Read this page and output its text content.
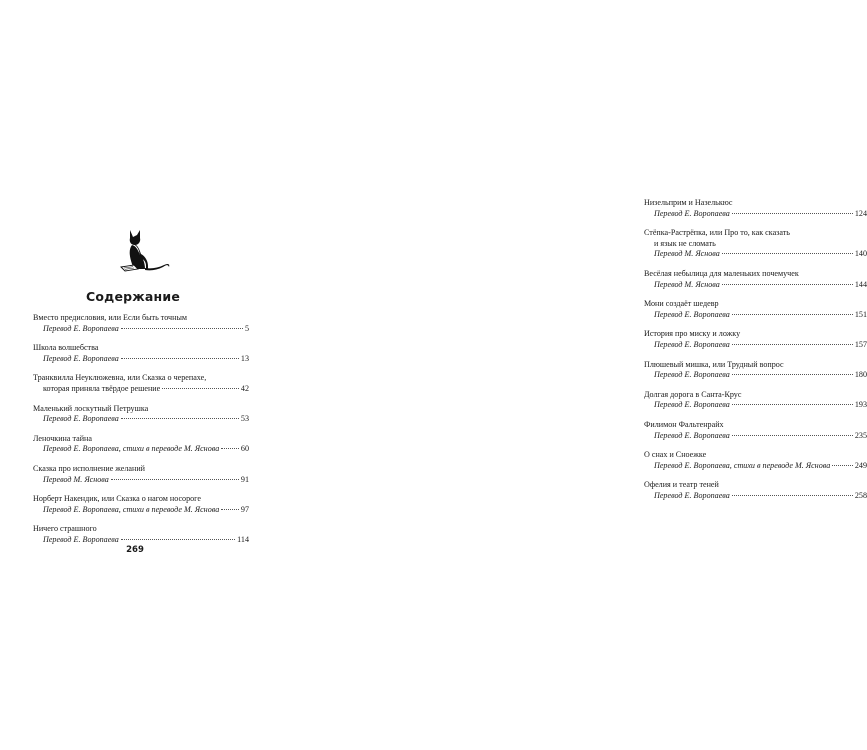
Содержание
Вместо предисловия, или Если быть точным
Перевод Е. Воропаева	5
Школа волшебства
Перевод Е. Воропаева	13
Транквилла Неуклюжевна, или Сказка о черепахе,
которая приняла твёрдое решение	42
Маленький лоскутный Петрушка
Перевод Е. Воропаева	53
Леночкина тайна
Перевод Е. Воропаева, стихи в переводе М. Яснова	60
Сказка про исполнение желаний
Перевод М. Яснова	91
Норберт Накендик, или Сказка о нагом носороге
Перевод Е. Воропаева, стихи в переводе М. Яснова	97
Ничего страшного
Перевод Е. Воропаева	114
269
Низельприм и Назелькюс
Перевод Е. Воропаева	124
Стёпка-Растрёпка, или Про то, как сказать
и язык не сломать
Перевод М. Яснова	140
Весёлая небылица для маленьких почемучек
Перевод М. Яснова	144
Мони создаёт шедевр
Перевод Е. Воропаева	151
История про миску и ложку
Перевод Е. Воропаева	157
Плюшевый мишка, или Трудный вопрос
Перевод Е. Воропаева	180
Долгая дорога в Санта-Крус
Перевод Е. Воропаева	193
Филимон Фальтенрайх
Перевод Е. Воропаева	235
О снах и Сноежке
Перевод Е. Воропаева, стихи в переводе М. Яснова	249
Офелия и театр теней
Перевод Е. Воропаева	258
